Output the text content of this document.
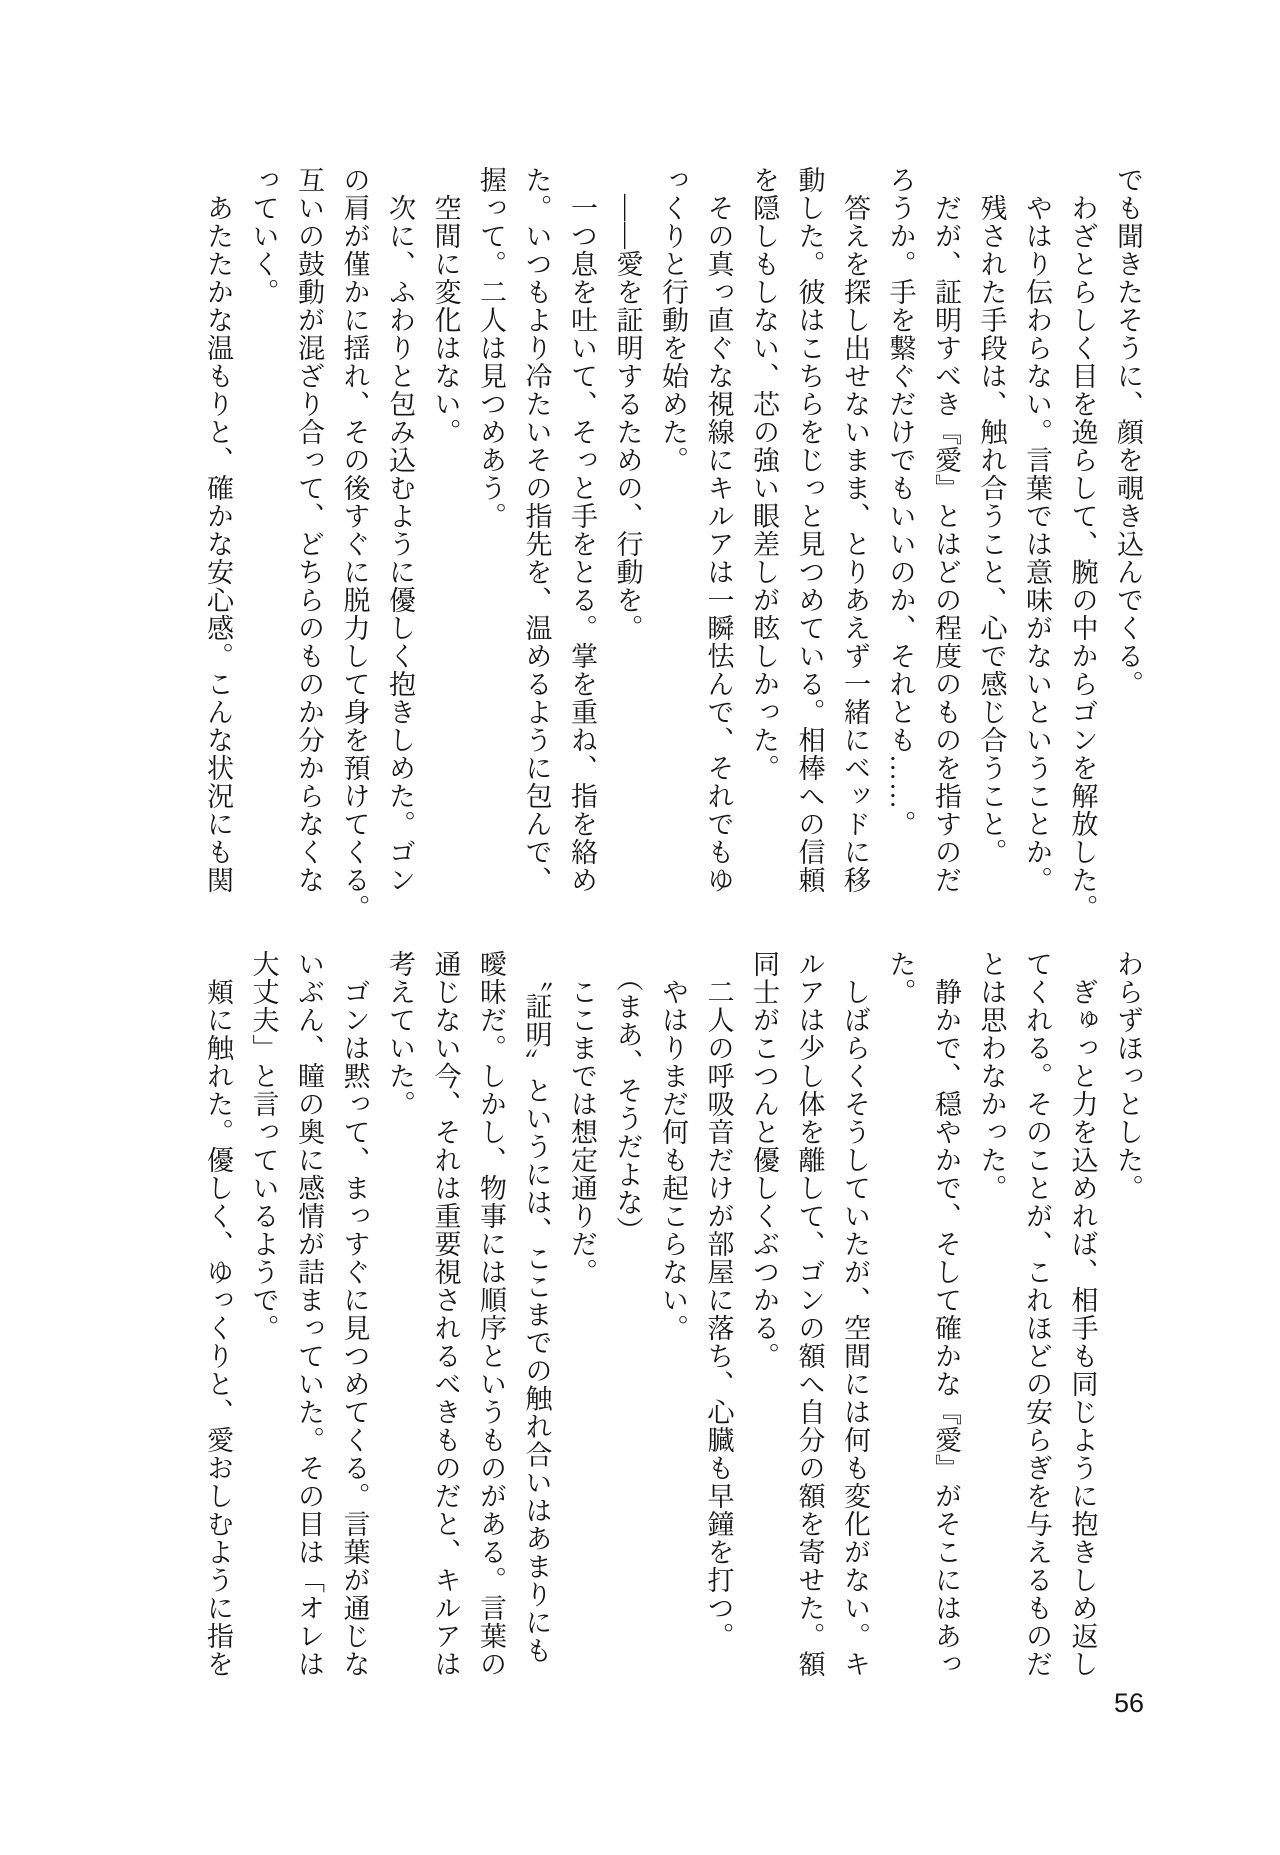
でも聞きたそうに、顔を覗き込んでくる。

　わざとらしく目を逸らして、腕の中からゴンを解放した。

　やはり伝わらない。言葉では意味がないということか。

　残された手段は、触れ合うこと、心で感じ合うこと。

　だが、証明すべき『愛』とはどの程度のものを指すのだ

ろうか。手を繋ぐだけでもいいのか、それとも……。

　答えを探し出せないまま、とりあえず一緒にベッドに移

動した。彼はこちらをじっと見つめている。相棒への信頼

を隠しもしない、芯の強い眼差しが眩しかった。

　その真っ直ぐな視線にキルアは一瞬怯んで、それでもゆ

っくりと行動を始めた。

　――愛を証明するための、行動を。

　一つ息を吐いて、そっと手をとる。掌を重ね、指を絡め

た。いつもより冷たいその指先を、温めるように包んで、

握って。二人は見つめあう。

　空間に変化はない。

　次に、ふわりと包み込むように優しく抱きしめた。ゴン

の肩が僅かに揺れ、その後すぐに脱力して身を預けてくる。

互いの鼓動が混ざり合って、どちらのものか分からなくな

っていく。

　あたたかな温もりと、確かな安心感。こんな状況にも関

わらずほっとした。

　ぎゅっと力を込めれば、相手も同じように抱きしめ返し

てくれる。そのことが、これほどの安らぎを与えるものだ

とは思わなかった。

　静かで、穏やかで、そして確かな『愛』がそこにはあっ

た。

　しばらくそうしていたが、空間には何も変化がない。キ

ルアは少し体を離して、ゴンの額へ自分の額を寄せた。額

同士がこつんと優しくぶつかる。

　二人の呼吸音だけが部屋に落ち、心臓も早鐘を打つ。

　やはりまだ何も起こらない。

　（まあ、そうだよな）

　ここまでは想定通りだ。

　〝証明〟というには、ここまでの触れ合いはあまりにも

曖昧だ。しかし、物事には順序というものがある。言葉の

通じない今、それは重要視されるべきものだと、キルアは

考えていた。

　ゴンは黙って、まっすぐに見つめてくる。言葉が通じな

いぶん、瞳の奥に感情が詰まっていた。その目は「オレは

大丈夫」と言っているようで。

　頬に触れた。優しく、ゆっくりと、愛おしむように指を

56
